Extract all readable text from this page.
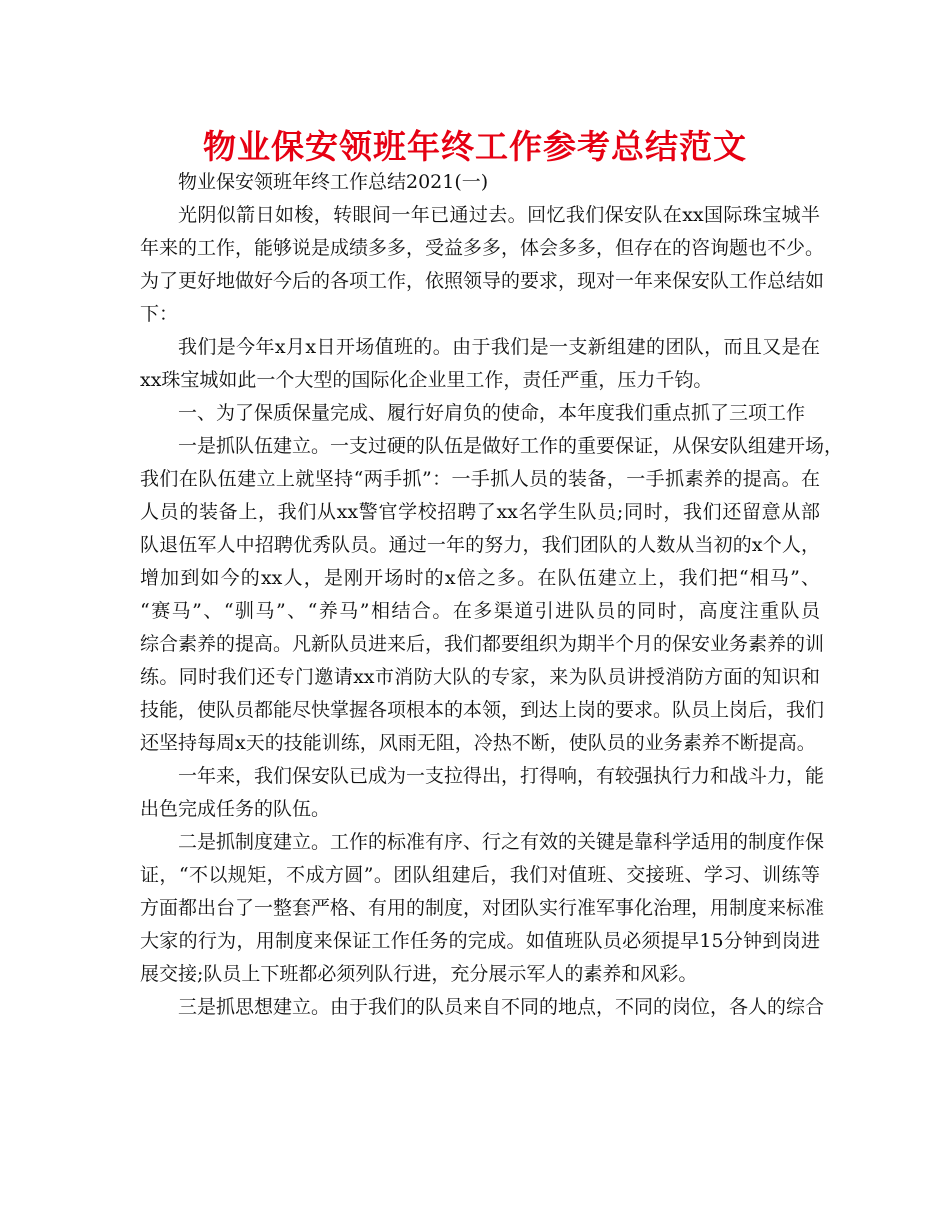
物业保安领班年终工作参考总结范文
物业保安领班年终工作总结2021(一)
光阴似箭日如梭，转眼间一年已通过去。回忆我们保安队在xx国际珠宝城半
年来的工作，能够说是成绩多多，受益多多，体会多多，但存在的咨询题也不少。
为了更好地做好今后的各项工作，依照领导的要求，现对一年来保安队工作总结如
下：
我们是今年x月x日开场值班的。由于我们是一支新组建的团队，而且又是在
xx珠宝城如此一个大型的国际化企业里工作，责任严重，压力千钧。
一、为了保质保量完成、履行好肩负的使命，本年度我们重点抓了三项工作
一是抓队伍建立。一支过硬的队伍是做好工作的重要保证，从保安队组建开场，
我们在队伍建立上就坚持“两手抓”：一手抓人员的装备，一手抓素养的提高。在
人员的装备上，我们从xx警官学校招聘了xx名学生队员;同时，我们还留意从部
队退伍军人中招聘优秀队员。通过一年的努力，我们团队的人数从当初的x个人，
增加到如今的xx人，是刚开场时的x倍之多。在队伍建立上，我们把“相马”、
“赛马”、“驯马”、“养马”相结合。在多渠道引进队员的同时，高度注重队员
综合素养的提高。凡新队员进来后，我们都要组织为期半个月的保安业务素养的训
练。同时我们还专门邀请xx市消防大队的专家，来为队员讲授消防方面的知识和
技能，使队员都能尽快掌握各项根本的本领，到达上岗的要求。队员上岗后，我们
还坚持每周x天的技能训练，风雨无阻，冷热不断，使队员的业务素养不断提高。
一年来，我们保安队已成为一支拉得出，打得响，有较强执行力和战斗力，能
出色完成任务的队伍。
二是抓制度建立。工作的标准有序、行之有效的关键是靠科学适用的制度作保
证，“不以规矩，不成方圆”。团队组建后，我们对值班、交接班、学习、训练等
方面都出台了一整套严格、有用的制度，对团队实行准军事化治理，用制度来标准
大家的行为，用制度来保证工作任务的完成。如值班队员必须提早15分钟到岗进
展交接;队员上下班都必须列队行进，充分展示军人的素养和风彩。
三是抓思想建立。由于我们的队员来自不同的地点，不同的岗位，各人的综合
